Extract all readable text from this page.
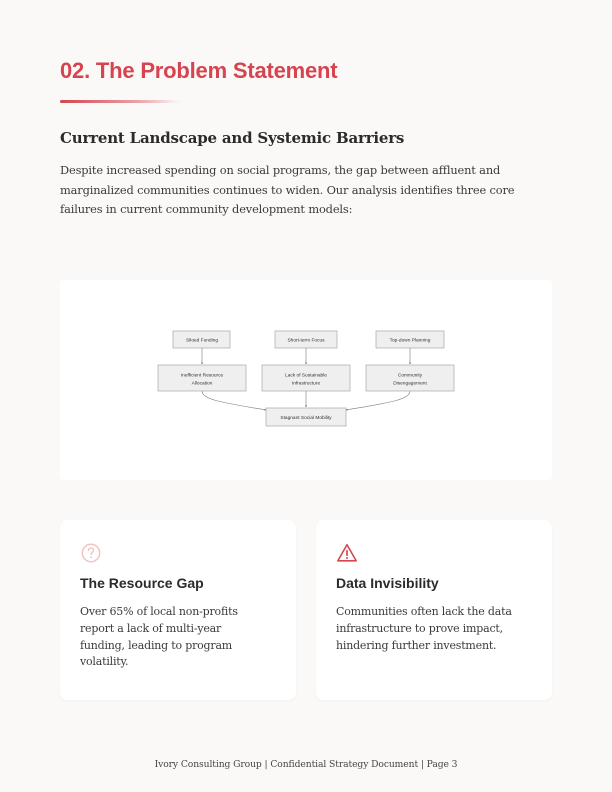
02. The Problem Statement
Current Landscape and Systemic Barriers

Despite increased spending on social programs, the gap between affluent and marginalized communities continues to widen. Our analysis identifies three core failures in current community development models:

Siloed Funding	Short-term Focus	Top-down Planning
Inefficient Resource
Allocation
Lack of Sustainable
Infrastructure
Community
Disengagement
Stagnant Social Mobility
The Resource Gap

Over 65% of local non-profits report a lack of multi-year funding, leading to program volatility.

Data Invisibility

Communities often lack the data infrastructure to prove impact, hindering further investment.

Ivory Consulting Group | Confidential Strategy Document | Page 3
